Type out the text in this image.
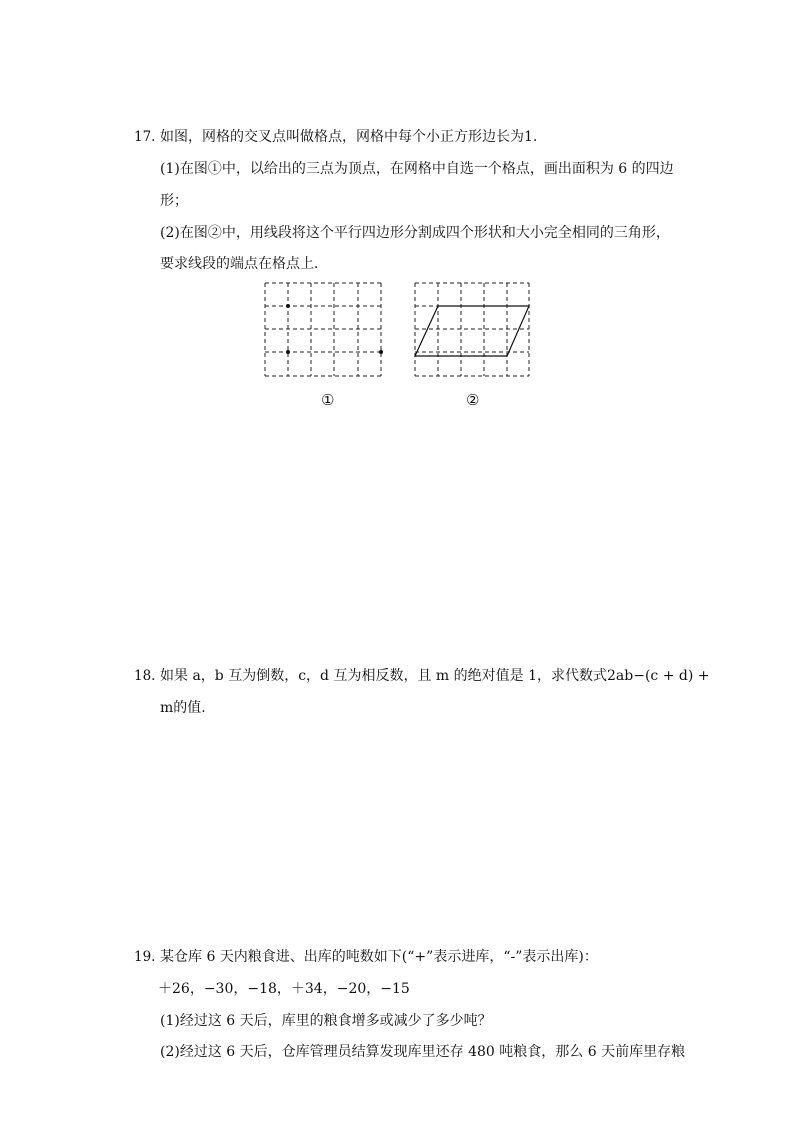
17. 如图，网格的交叉点叫做格点，网格中每个小正方形边长为1.
(1)在图①中，以给出的三点为顶点，在网格中自选一个格点，画出面积为 6 的四边
形；
(2)在图②中，用线段将这个平行四边形分割成四个形状和大小完全相同的三角形，
要求线段的端点在格点上．
①	②
18. 如果 a，b 互为倒数，c，d 互为相反数，且 m 的绝对值是 1，求代数式2ab−(c + d) +
m的值.
19. 某仓库 6 天内粮食进、出库的吨数如下(“+”表示进库，“-”表示出库)：
＋26，−30，−18，＋34，−20，−15
(1)经过这 6 天后，库里的粮食增多或减少了多少吨？
(2)经过这 6 天后，仓库管理员结算发现库里还存 480 吨粮食，那么 6 天前库里存粮
